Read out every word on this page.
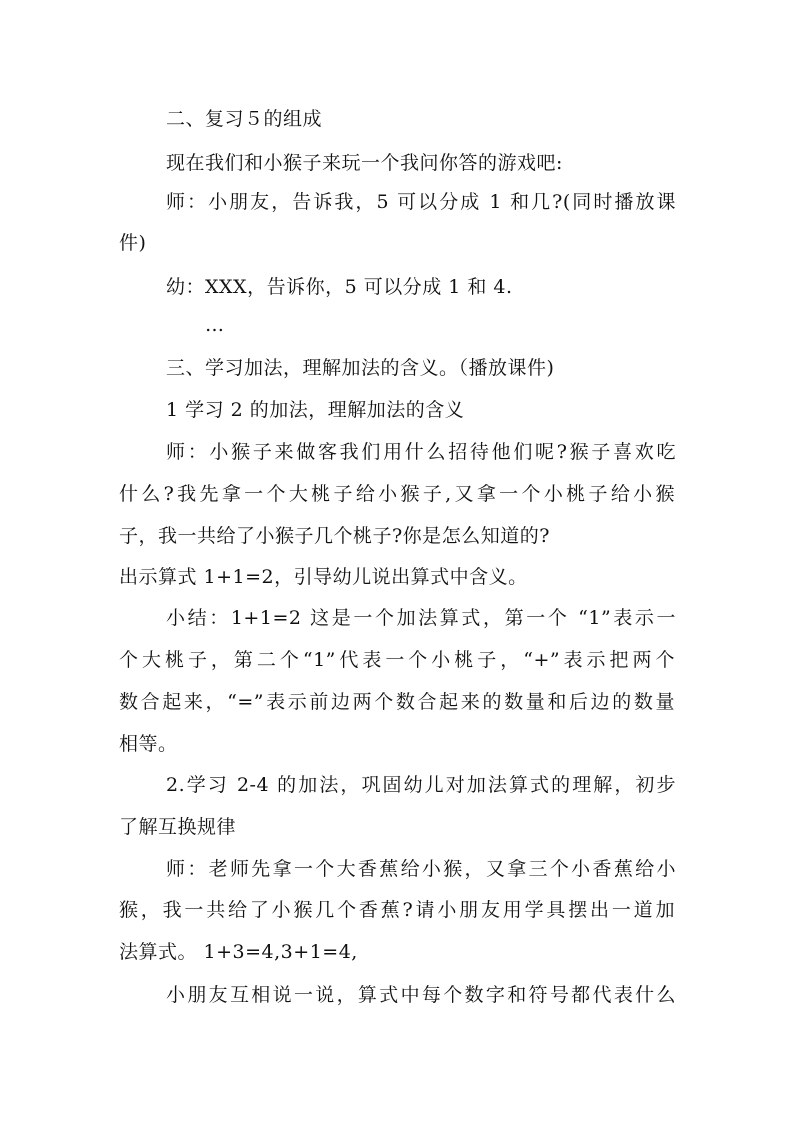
二、复习５的组成
现在我们和小猴子来玩一个我问你答的游戏吧:
师：小朋友，告诉我，5 可以分成 1 和几?(同时播放课
件)
幼：XXX，告诉你，5 可以分成 1 和 4.
…
三、学习加法，理解加法的含义。（播放课件)
1 学习 2 的加法，理解加法的含义
师：小猴子来做客我们用什么招待他们呢?猴子喜欢吃
什么?我先拿一个大桃子给小猴子,又拿一个小桃子给小猴
子，我一共给了小猴子几个桃子?你是怎么知道的?
出示算式 1+1=2，引导幼儿说出算式中含义。
小结：1+1=2 这是一个加法算式，第一个 “1”表示一
个大桃子，第二个“1”代表一个小桃子，“+”表示把两个
数合起来，“=”表示前边两个数合起来的数量和后边的数量
相等。
2.学习 2-4 的加法，巩固幼儿对加法算式的理解，初步
了解互换规律
师：老师先拿一个大香蕉给小猴，又拿三个小香蕉给小
猴，我一共给了小猴几个香蕉?请小朋友用学具摆出一道加
法算式。 1+3=4,3+1=4,
小朋友互相说一说，算式中每个数字和符号都代表什么
